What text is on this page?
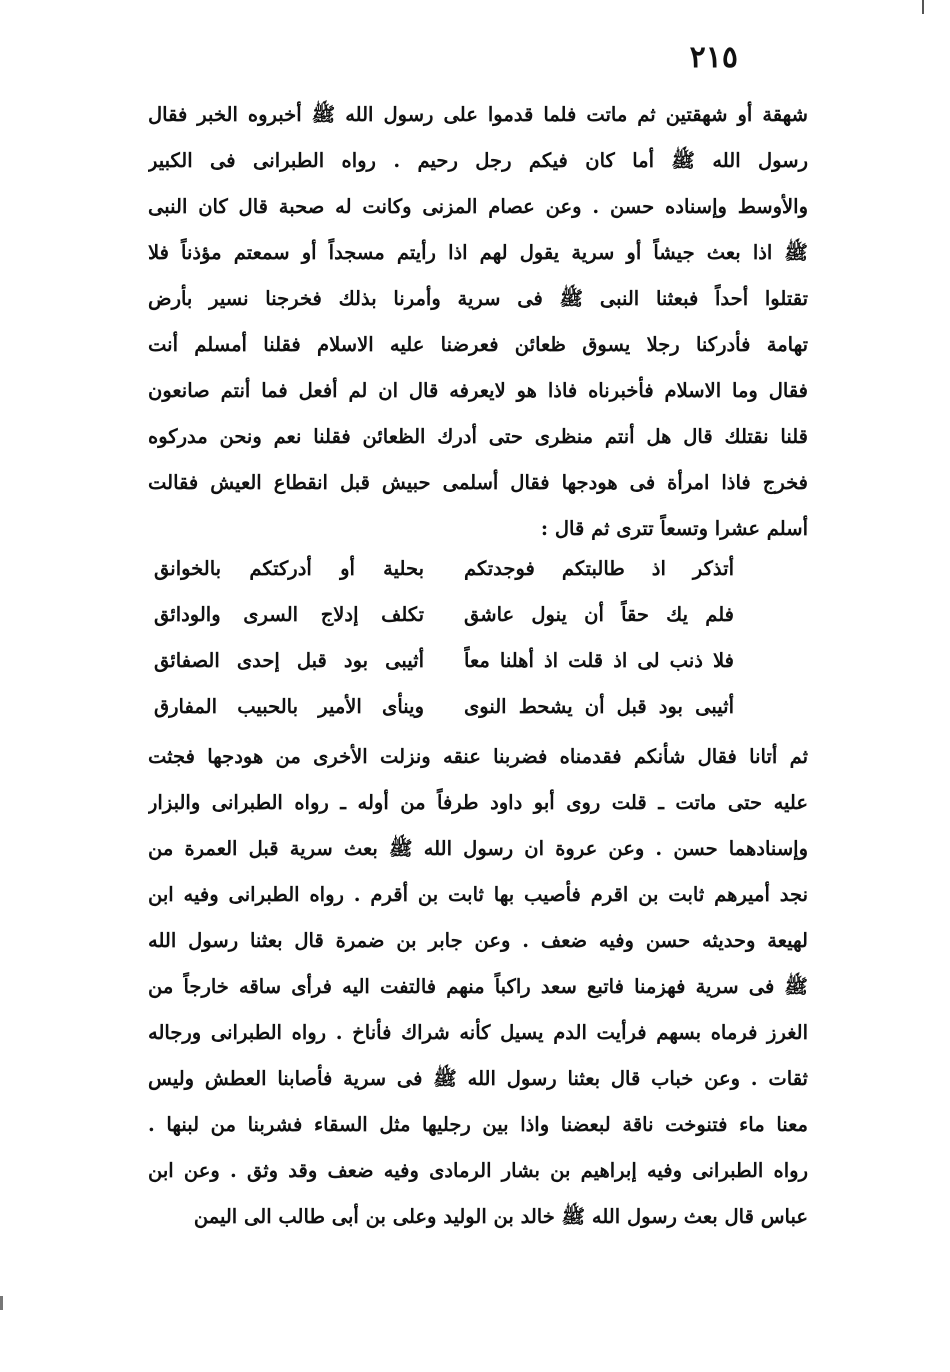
٢١٥
شهقة أو شهقتين ثم ماتت فلما قدموا على رسول الله ﷺ أخبروه الخبر فقال
رسول الله ﷺ أما كان فيكم رجل رحيم . رواه الطبرانى فى الكبير
والأوسط وإسناده حسن . وعن عصام المزنى وكانت له صحبة قال كان النبى
ﷺ اذا بعث جيشاً أو سرية يقول لهم اذا رأيتم مسجداً أو سمعتم مؤذناً فلا
تقتلوا أحداً فبعثنا النبى ﷺ فى سرية وأمرنا بذلك فخرجنا نسير بأرض
تهامة فأدركنا رجلا يسوق ظعائن فعرضنا عليه الاسلام فقلنا أمسلم أنت
فقال وما الاسلام فأخبرناه فاذا هو لايعرفه قال ان لم أفعل فما أنتم صانعون
قلنا نقتلك قال هل أنتم منظرى حتى أدرك الظعائن فقلنا نعم ونحن مدركوه
فخرج فاذا امرأة فى هودجها فقال أسلمى حبيش قبل انقطاع العيش فقالت
أسلم عشرا وتسعاً تترى ثم قال :
أتذكر اذ طالبتكم فوجدتكم
بحلية أو أدركتكم بالخوانق
فلم يك حقاً أن ينول عاشق
تكلف إدلاج السرى والودائق
فلا ذنب لى اذ قلت اذ أهلنا معاً
أثيبى بود قبل إحدى الصفائق
أثيبى بود قبل أن يشحط النوى
وينأى الأمير بالحبيب المفارق
ثم أتانا فقال شأنكم فقدمناه فضربنا عنقه ونزلت الأخرى من هودجها فجثت
عليه حتى ماتت ـ قلت روى أبو داود طرفاً من أوله ـ رواه الطبرانى والبزار
وإسنادهما حسن . وعن عروة ان رسول الله ﷺ بعث سرية قبل العمرة من
نجد أميرهم ثابت بن اقرم فأصيب بها ثابت بن أقرم . رواه الطبرانى وفيه ابن
لهيعة وحديثه حسن وفيه ضعف . وعن جابر بن ضمرة قال بعثنا رسول الله
ﷺ فى سرية فهزمنا فاتبع سعد راكباً منهم فالتفت اليه فرأى ساقه خارجاً من
الغرز فرماه بسهم فرأيت الدم يسيل كأنه شراك فأناخ . رواه الطبرانى ورجاله
ثقات . وعن خباب قال بعثنا رسول الله ﷺ فى سرية فأصابنا العطش وليس
معنا ماء فتنوخت ناقة لبعضنا واذا بين رجليها مثل السقاء فشربنا من لبنها .
رواه الطبرانى وفيه إبراهيم بن بشار الرمادى وفيه ضعف وقد وثق . وعن ابن
عباس قال بعث رسول الله ﷺ خالد بن الوليد وعلى بن أبى طالب الى اليمن
